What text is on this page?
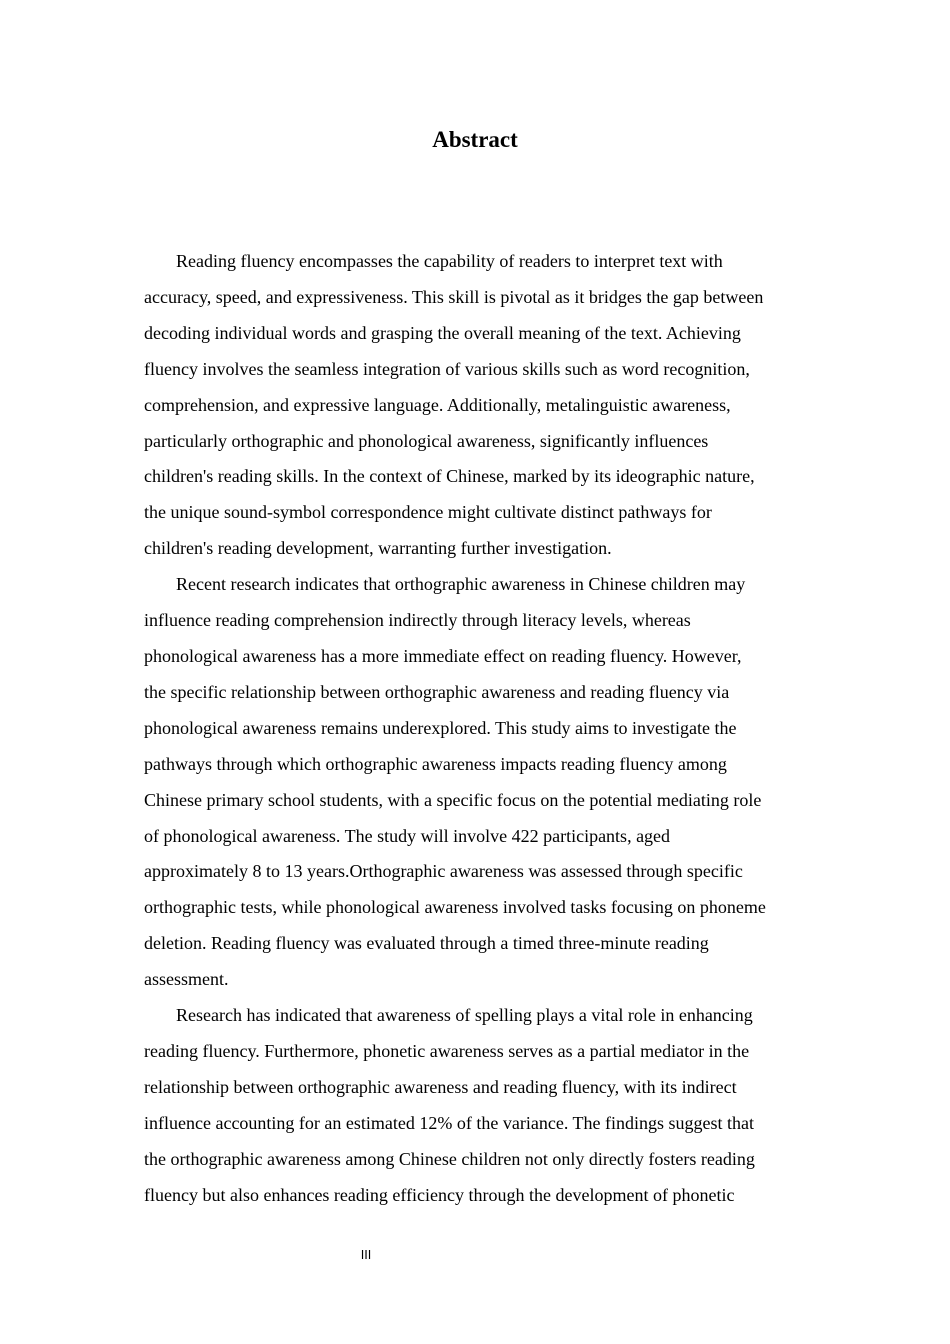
Abstract

Reading fluency encompasses the capability of readers to interpret text with
accuracy, speed, and expressiveness. This skill is pivotal as it bridges the gap between
decoding individual words and grasping the overall meaning of the text. Achieving
fluency involves the seamless integration of various skills such as word recognition,
comprehension, and expressive language. Additionally, metalinguistic awareness,
particularly orthographic and phonological awareness, significantly influences
children's reading skills. In the context of Chinese, marked by its ideographic nature,
the unique sound-symbol correspondence might cultivate distinct pathways for
children's reading development, warranting further investigation.

Recent research indicates that orthographic awareness in Chinese children may
influence reading comprehension indirectly through literacy levels, whereas
phonological awareness has a more immediate effect on reading fluency. However,
the specific relationship between orthographic awareness and reading fluency via
phonological awareness remains underexplored. This study aims to investigate the
pathways through which orthographic awareness impacts reading fluency among
Chinese primary school students, with a specific focus on the potential mediating role
of phonological awareness. The study will involve 422 participants, aged
approximately 8 to 13 years.Orthographic awareness was assessed through specific
orthographic tests, while phonological awareness involved tasks focusing on phoneme
deletion. Reading fluency was evaluated through a timed three-minute reading
assessment.

Research has indicated that awareness of spelling plays a vital role in enhancing
reading fluency. Furthermore, phonetic awareness serves as a partial mediator in the
relationship between orthographic awareness and reading fluency, with its indirect
influence accounting for an estimated 12% of the variance. The findings suggest that
the orthographic awareness among Chinese children not only directly fosters reading
fluency but also enhances reading efficiency through the development of phonetic

III
